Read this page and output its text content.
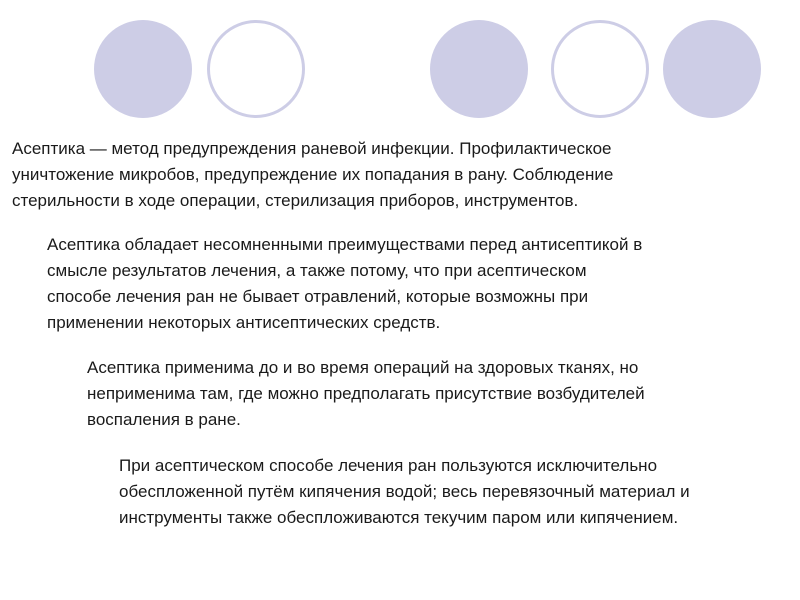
Асептика — метод предупреждения раневой инфекции. Профилактическое
уничтожение микробов, предупреждение их попадания в рану. Соблюдение
стерильности в ходе операции, стерилизация приборов, инструментов.

Асептика обладает несомненными преимуществами перед антисептикой в
смысле результатов лечения, а также потому, что при асептическом
способе лечения ран не бывает отравлений, которые возможны при
применении некоторых антисептических средств.

Асептика применима до и во время операций на здоровых тканях, но
неприменима там, где можно предполагать присутствие возбудителей
воспаления в ране.

При асептическом способе лечения ран пользуются исключительно
обеспложенной путём кипячения водой; весь перевязочный материал и
инструменты также обеспложиваются текучим паром или кипячением.
